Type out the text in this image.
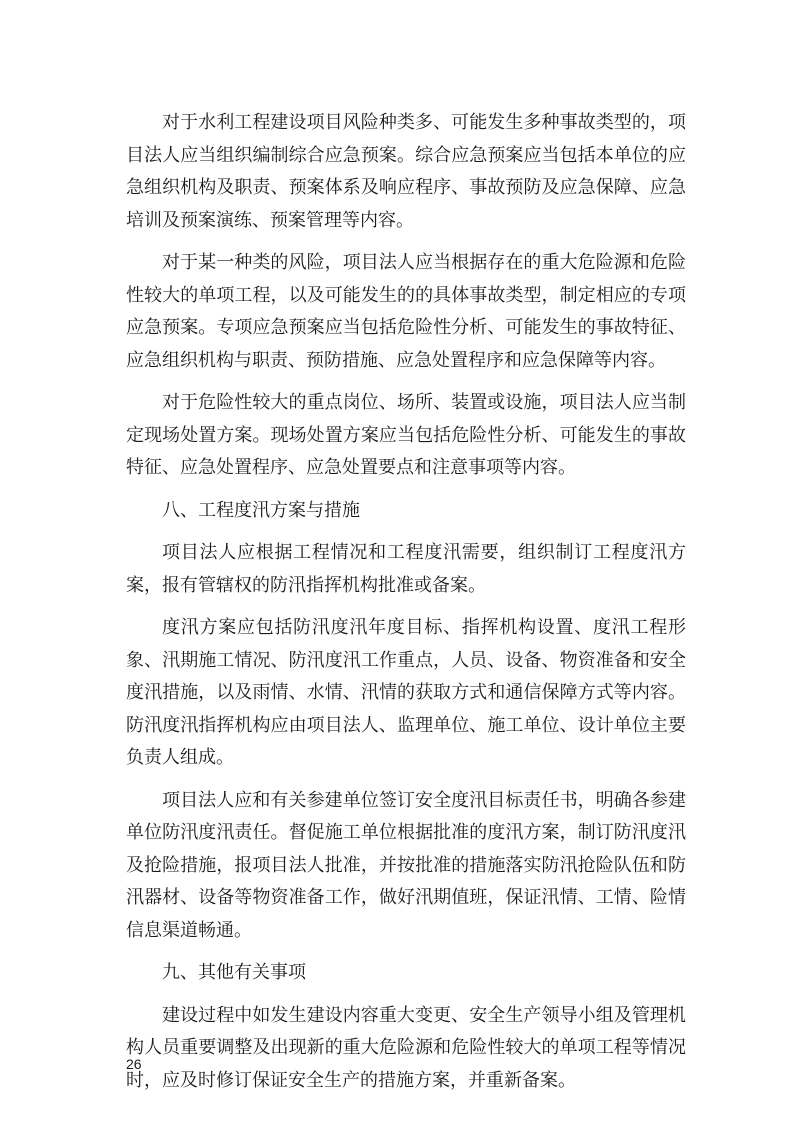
对于水利工程建设项目风险种类多、可能发生多种事故类型的，项目法人应当组织编制综合应急预案。综合应急预案应当包括本单位的应急组织机构及职责、预案体系及响应程序、事故预防及应急保障、应急培训及预案演练、预案管理等内容。

对于某一种类的风险，项目法人应当根据存在的重大危险源和危险性较大的单项工程，以及可能发生的的具体事故类型，制定相应的专项应急预案。专项应急预案应当包括危险性分析、可能发生的事故特征、应急组织机构与职责、预防措施、应急处置程序和应急保障等内容。

对于危险性较大的重点岗位、场所、装置或设施，项目法人应当制定现场处置方案。现场处置方案应当包括危险性分析、可能发生的事故特征、应急处置程序、应急处置要点和注意事项等内容。

八、工程度汛方案与措施

项目法人应根据工程情况和工程度汛需要，组织制订工程度汛方案，报有管辖权的防汛指挥机构批准或备案。

度汛方案应包括防汛度汛年度目标、指挥机构设置、度汛工程形象、汛期施工情况、防汛度汛工作重点，人员、设备、物资准备和安全度汛措施，以及雨情、水情、汛情的获取方式和通信保障方式等内容。防汛度汛指挥机构应由项目法人、监理单位、施工单位、设计单位主要负责人组成。

项目法人应和有关参建单位签订安全度汛目标责任书，明确各参建单位防汛度汛责任。督促施工单位根据批准的度汛方案，制订防汛度汛及抢险措施，报项目法人批准，并按批准的措施落实防汛抢险队伍和防汛器材、设备等物资准备工作，做好汛期值班，保证汛情、工情、险情信息渠道畅通。

九、其他有关事项

建设过程中如发生建设内容重大变更、安全生产领导小组及管理机构人员重要调整及出现新的重大危险源和危险性较大的单项工程等情况时，应及时修订保证安全生产的措施方案，并重新备案。

26
